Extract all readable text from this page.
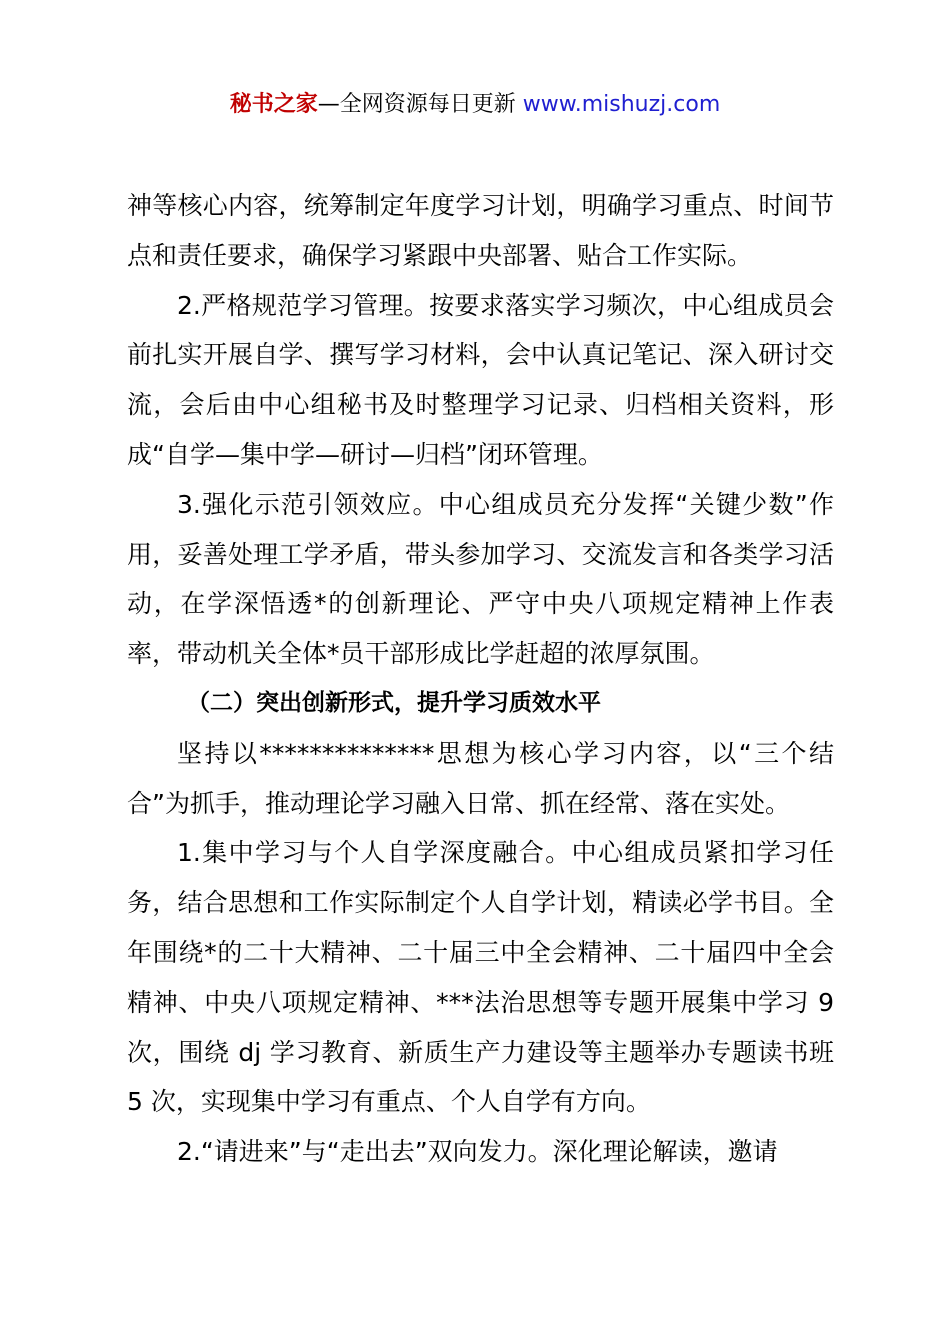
秘书之家—全网资源每日更新 www.mishuzj.com

神等核心内容，统筹制定年度学习计划，明确学习重点、时间节点和责任要求，确保学习紧跟中央部署、贴合工作实际。

2.严格规范学习管理。按要求落实学习频次，中心组成员会前扎实开展自学、撰写学习材料，会中认真记笔记、深入研讨交流，会后由中心组秘书及时整理学习记录、归档相关资料，形成“自学—集中学—研讨—归档”闭环管理。

3.强化示范引领效应。中心组成员充分发挥“关键少数”作用，妥善处理工学矛盾，带头参加学习、交流发言和各类学习活动，在学深悟透*的创新理论、严守中央八项规定精神上作表率，带动机关全体*员干部形成比学赶超的浓厚氛围。

（二）突出创新形式，提升学习质效水平

坚持以**************思想为核心学习内容，以“三个结合”为抓手，推动理论学习融入日常、抓在经常、落在实处。

1.集中学习与个人自学深度融合。中心组成员紧扣学习任务，结合思想和工作实际制定个人自学计划，精读必学书目。全年围绕*的二十大精神、二十届三中全会精神、二十届四中全会精神、中央八项规定精神、***法治思想等专题开展集中学习 9 次，围绕 dj 学习教育、新质生产力建设等主题举办专题读书班 5 次，实现集中学习有重点、个人自学有方向。

2.“请进来”与“走出去”双向发力。深化理论解读，邀请
